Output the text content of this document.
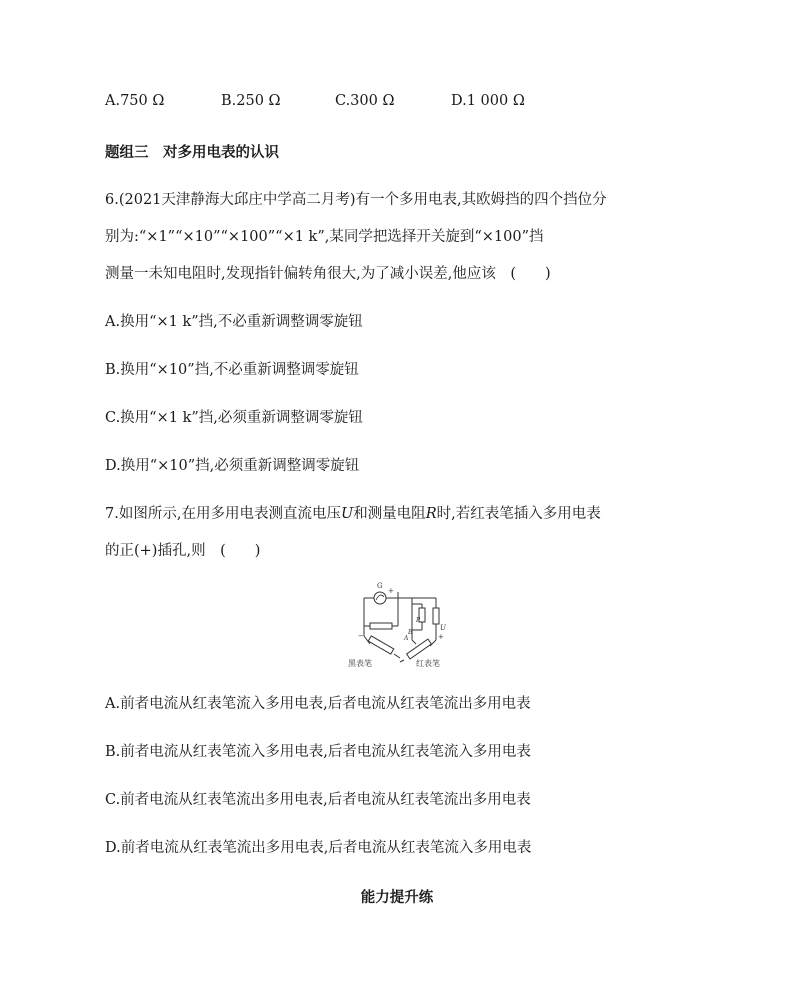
A.750 Ω	B.250 Ω	C.300 Ω	D.1 000 Ω
题组三　对多用电表的认识
6.(2021天津静海大邱庄中学高二月考)有一个多用电表,其欧姆挡的四个挡位分
别为:“×1”“×10”“×100”“×1 k”,某同学把选择开关旋到“×100”挡
测量一未知电阻时,发现指针偏转角很大,为了减小误差,他应该　(　　)
A.换用“×1 k”挡,不必重新调整调零旋钮
B.换用“×10”挡,不必重新调整调零旋钮
C.换用“×1 k”挡,必须重新调整调零旋钮
D.换用“×10”挡,必须重新调整调零旋钮
7.如图所示,在用多用电表测直流电压U和测量电阻R时,若红表笔插入多用电表
的正(+)插孔,则　(　　)
G
+
−	A
B
R
U
+
黑表笔	红表笔
A.前者电流从红表笔流入多用电表,后者电流从红表笔流出多用电表
B.前者电流从红表笔流入多用电表,后者电流从红表笔流入多用电表
C.前者电流从红表笔流出多用电表,后者电流从红表笔流出多用电表
D.前者电流从红表笔流出多用电表,后者电流从红表笔流入多用电表
能力提升练
